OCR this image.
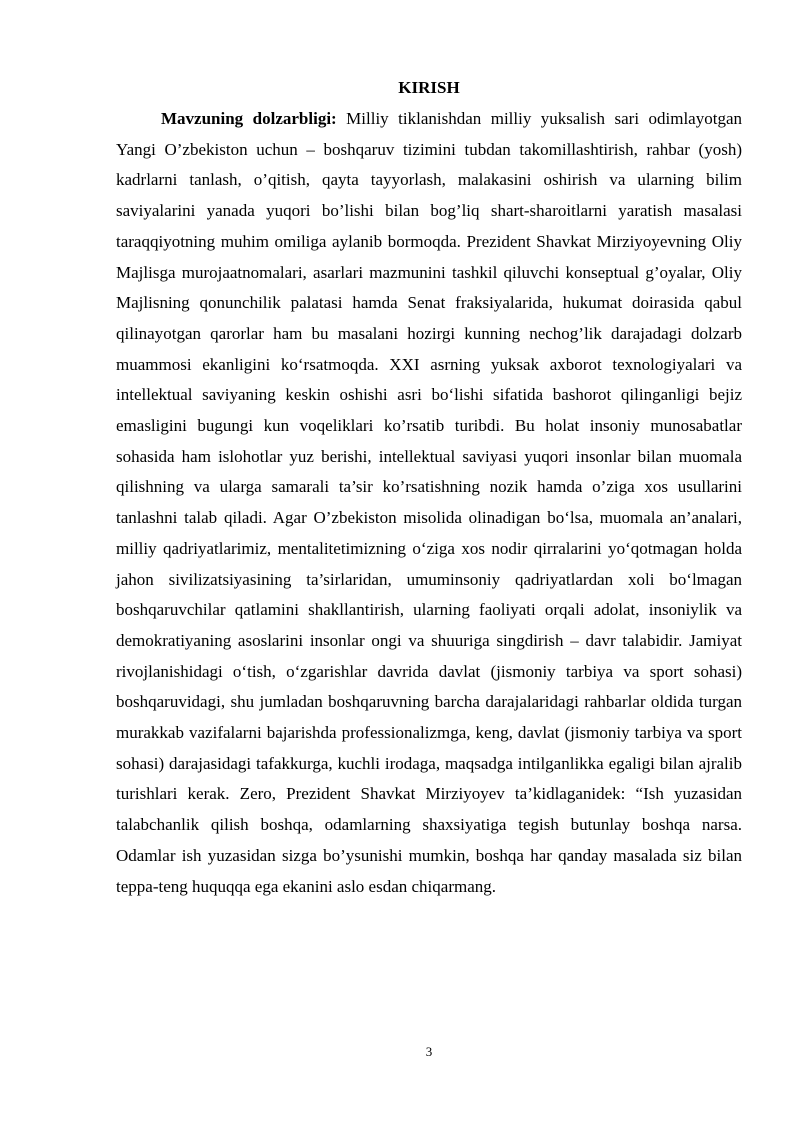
KIRISH

Mavzuning dolzarbligi: Milliy tiklanishdan milliy yuksalish sari odimlayotgan Yangi O’zbekiston uchun – boshqaruv tizimini tubdan takomillashtirish, rahbar (yosh) kadrlarni tanlash, o’qitish, qayta tayyorlash, malakasini oshirish va ularning bilim saviyalarini yanada yuqori bo’lishi bilan bog’liq shart-sharoitlarni yaratish masalasi taraqqiyotning muhim omiliga aylanib bormoqda. Prezident Shavkat Mirziyoyevning Oliy Majlisga murojaatnomalari, asarlari mazmunini tashkil qiluvchi konseptual g’oyalar, Oliy Majlisning qonunchilik palatasi hamda Senat fraksiyalarida, hukumat doirasida qabul qilinayotgan qarorlar ham bu masalani hozirgi kunning nechog’lik darajadagi dolzarb muammosi ekanligini ko‘rsatmoqda. XXI asrning yuksak axborot texnologiyalari va intellektual saviyaning keskin oshishi asri bo‘lishi sifatida bashorot qilinganligi bejiz emasligini bugungi kun voqeliklari ko’rsatib turibdi. Bu holat insoniy munosabatlar sohasida ham islohotlar yuz berishi, intellektual saviyasi yuqori insonlar bilan muomala qilishning va ularga samarali ta’sir ko’rsatishning nozik hamda o’ziga xos usullarini tanlashni talab qiladi. Agar O’zbekiston misolida olinadigan bo‘lsa, muomala an’analari, milliy qadriyatlarimiz, mentalitetimizning o‘ziga xos nodir qirralarini yo‘qotmagan holda jahon sivilizatsiyasining ta’sirlaridan, umuminsoniy qadriyatlardan xoli bo‘lmagan boshqaruvchilar qatlamini shakllantirish, ularning faoliyati orqali adolat, insoniylik va demokratiyaning asoslarini insonlar ongi va shuuriga singdirish – davr talabidir. Jamiyat rivojlanishidagi o‘tish, o‘zgarishlar davrida davlat (jismoniy tarbiya va sport sohasi) boshqaruvidagi, shu jumladan boshqaruvning barcha darajalaridagi rahbarlar oldida turgan murakkab vazifalarni bajarishda professionalizmga, keng, davlat (jismoniy tarbiya va sport sohasi) darajasidagi tafakkurga, kuchli irodaga, maqsadga intilganlikka egaligi bilan ajralib turishlari kerak. Zero, Prezident Shavkat Mirziyoyev ta’kidlaganidek: “Ish yuzasidan talabchanlik qilish boshqa, odamlarning shaxsiyatiga tegish butunlay boshqa narsa. Odamlar ish yuzasidan sizga bo’ysunishi mumkin, boshqa har qanday masalada siz bilan teppa-teng huquqqa ega ekanini aslo esdan chiqarmang.

3
